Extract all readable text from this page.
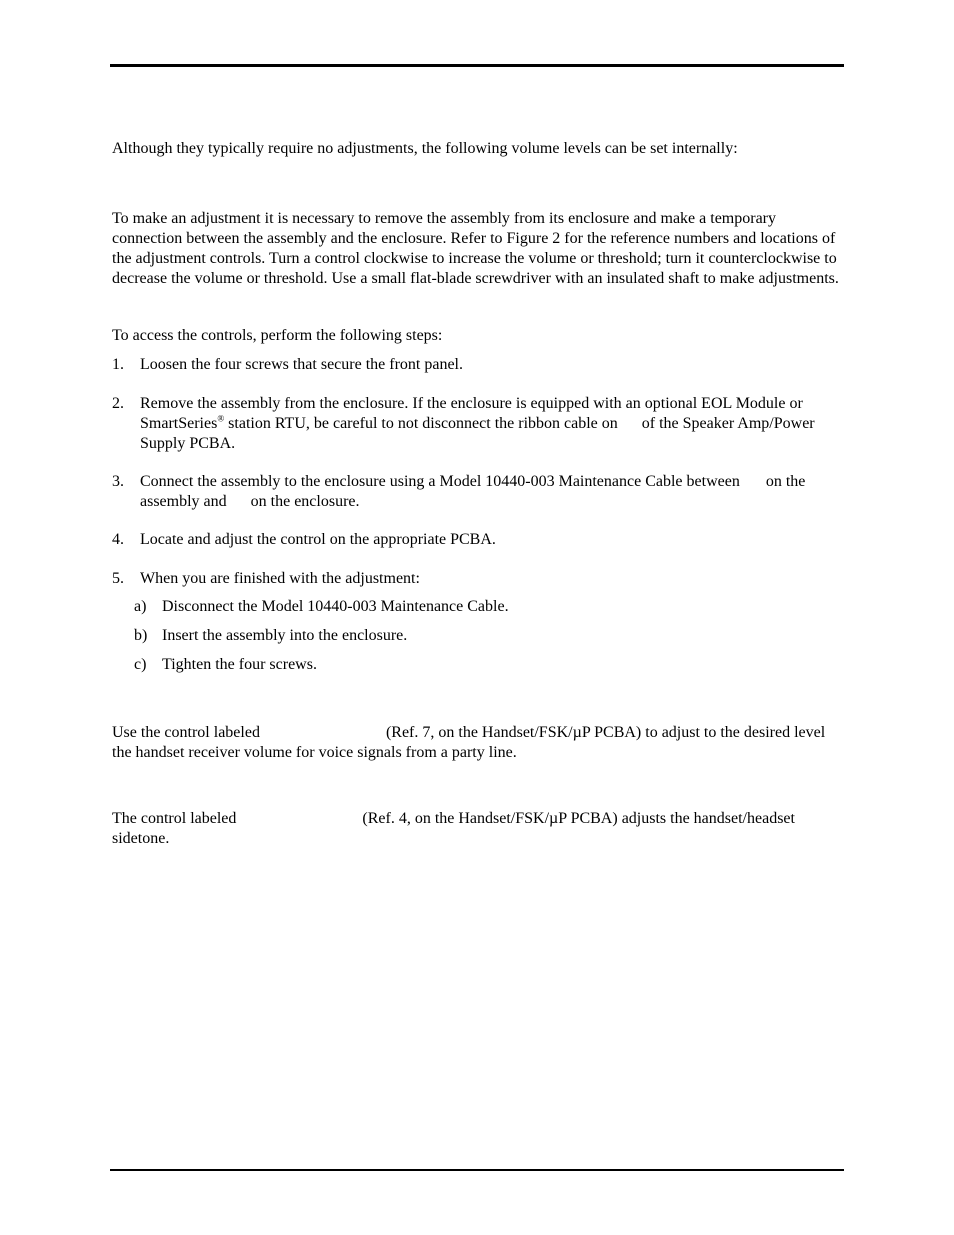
Although they typically require no adjustments, the following volume levels can be set internally:

To make an adjustment it is necessary to remove the assembly from its enclosure and make a temporary connection between the assembly and the enclosure. Refer to Figure 2 for the reference numbers and locations of the adjustment controls. Turn a control clockwise to increase the volume or threshold; turn it counterclockwise to decrease the volume or threshold. Use a small flat-blade screwdriver with an insulated shaft to make adjustments.

To access the controls, perform the following steps:

1. Loosen the four screws that secure the front panel.
2. Remove the assembly from the enclosure. If the enclosure is equipped with an optional EOL Module or SmartSeries® station RTU, be careful to not disconnect the ribbon cable on of the Speaker Amp/Power Supply PCBA.
3. Connect the assembly to the enclosure using a Model 10440-003 Maintenance Cable between on the assembly and on the enclosure.
4. Locate and adjust the control on the appropriate PCBA.
5. When you are finished with the adjustment:
a) Disconnect the Model 10440-003 Maintenance Cable.
b) Insert the assembly into the enclosure.
c) Tighten the four screws.

Use the control labeled	(Ref. 7, on the Handset/FSK/µP PCBA) to adjust to the desired level the handset receiver volume for voice signals from a party line.

The control labeled	(Ref. 4, on the Handset/FSK/µP PCBA) adjusts the handset/headset sidetone.
